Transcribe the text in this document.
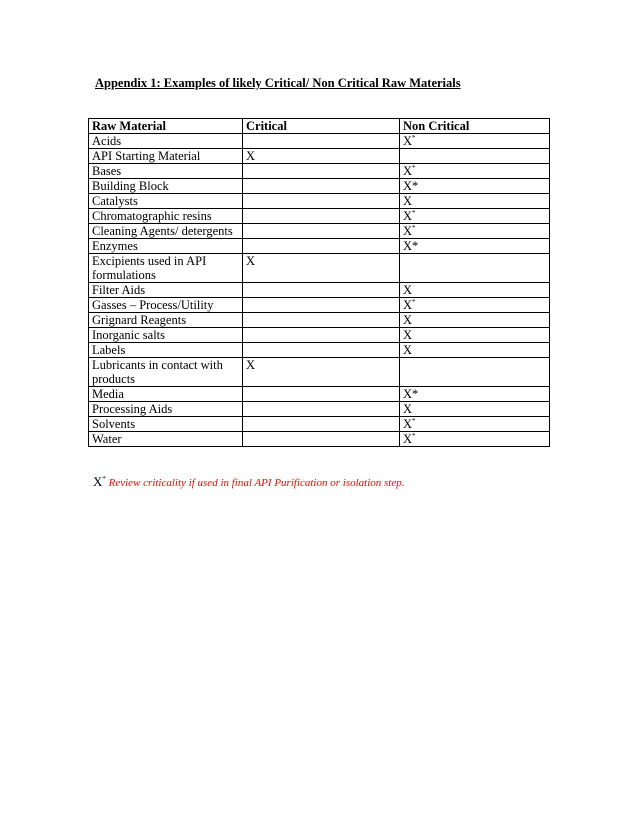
Appendix 1: Examples of likely Critical/ Non Critical Raw Materials
Raw Material	Critical	Non Critical
Acids		X*
API Starting Material	X	
Bases		X*
Building Block		X*
Catalysts		X
Chromatographic resins		X*
Cleaning Agents/ detergents		X*
Enzymes		X*
Excipients used in API formulations	X	
Filter Aids		X
Gasses – Process/Utility		X*
Grignard Reagents		X
Inorganic salts		X
Labels		X
Lubricants in contact with products	X	
Media		X*
Processing Aids		X
Solvents		X*
Water		X*
X* Review criticality if used in final API Purification or isolation step.
